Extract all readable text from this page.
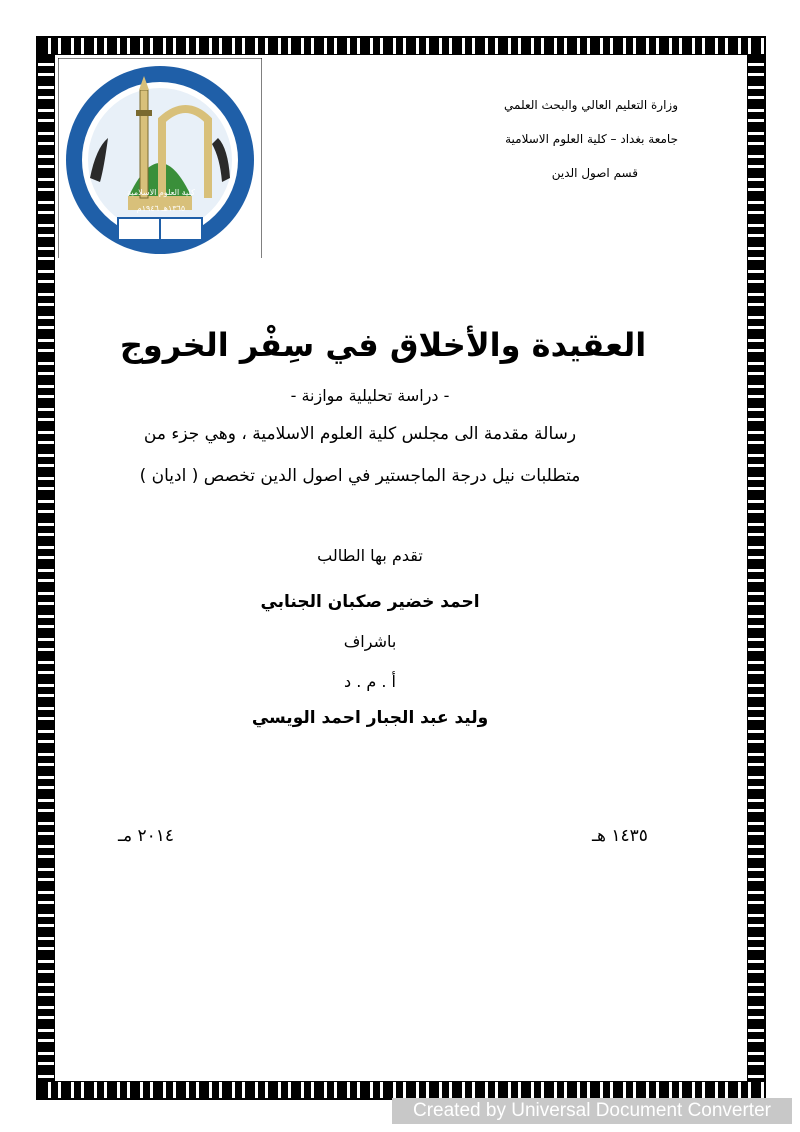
كلية العلوم الاسلامية
١٣٦٥هـ ١٩٤٦م
وزارة التعليم العالي والبحث العلمي
جامعة بغداد – كلية العلوم الاسلامية
قسم اصول الدين
العقيدة والأخلاق في سِفْر الخروج
- دراسة تحليلية موازنة -
رسالة مقدمة الى مجلس كلية العلوم الاسلامية ، وهي جزء من
متطلبات نيل درجة الماجستير في اصول الدين تخصص ( اديان )
تقدم بها الطالب
احمد خضير صكبان الجنابي
باشراف
أ . م . د
وليد عبد الجبار احمد الويسي
١٤٣٥ هـ
٢٠١٤ مـ
Created by Universal Document Converter
